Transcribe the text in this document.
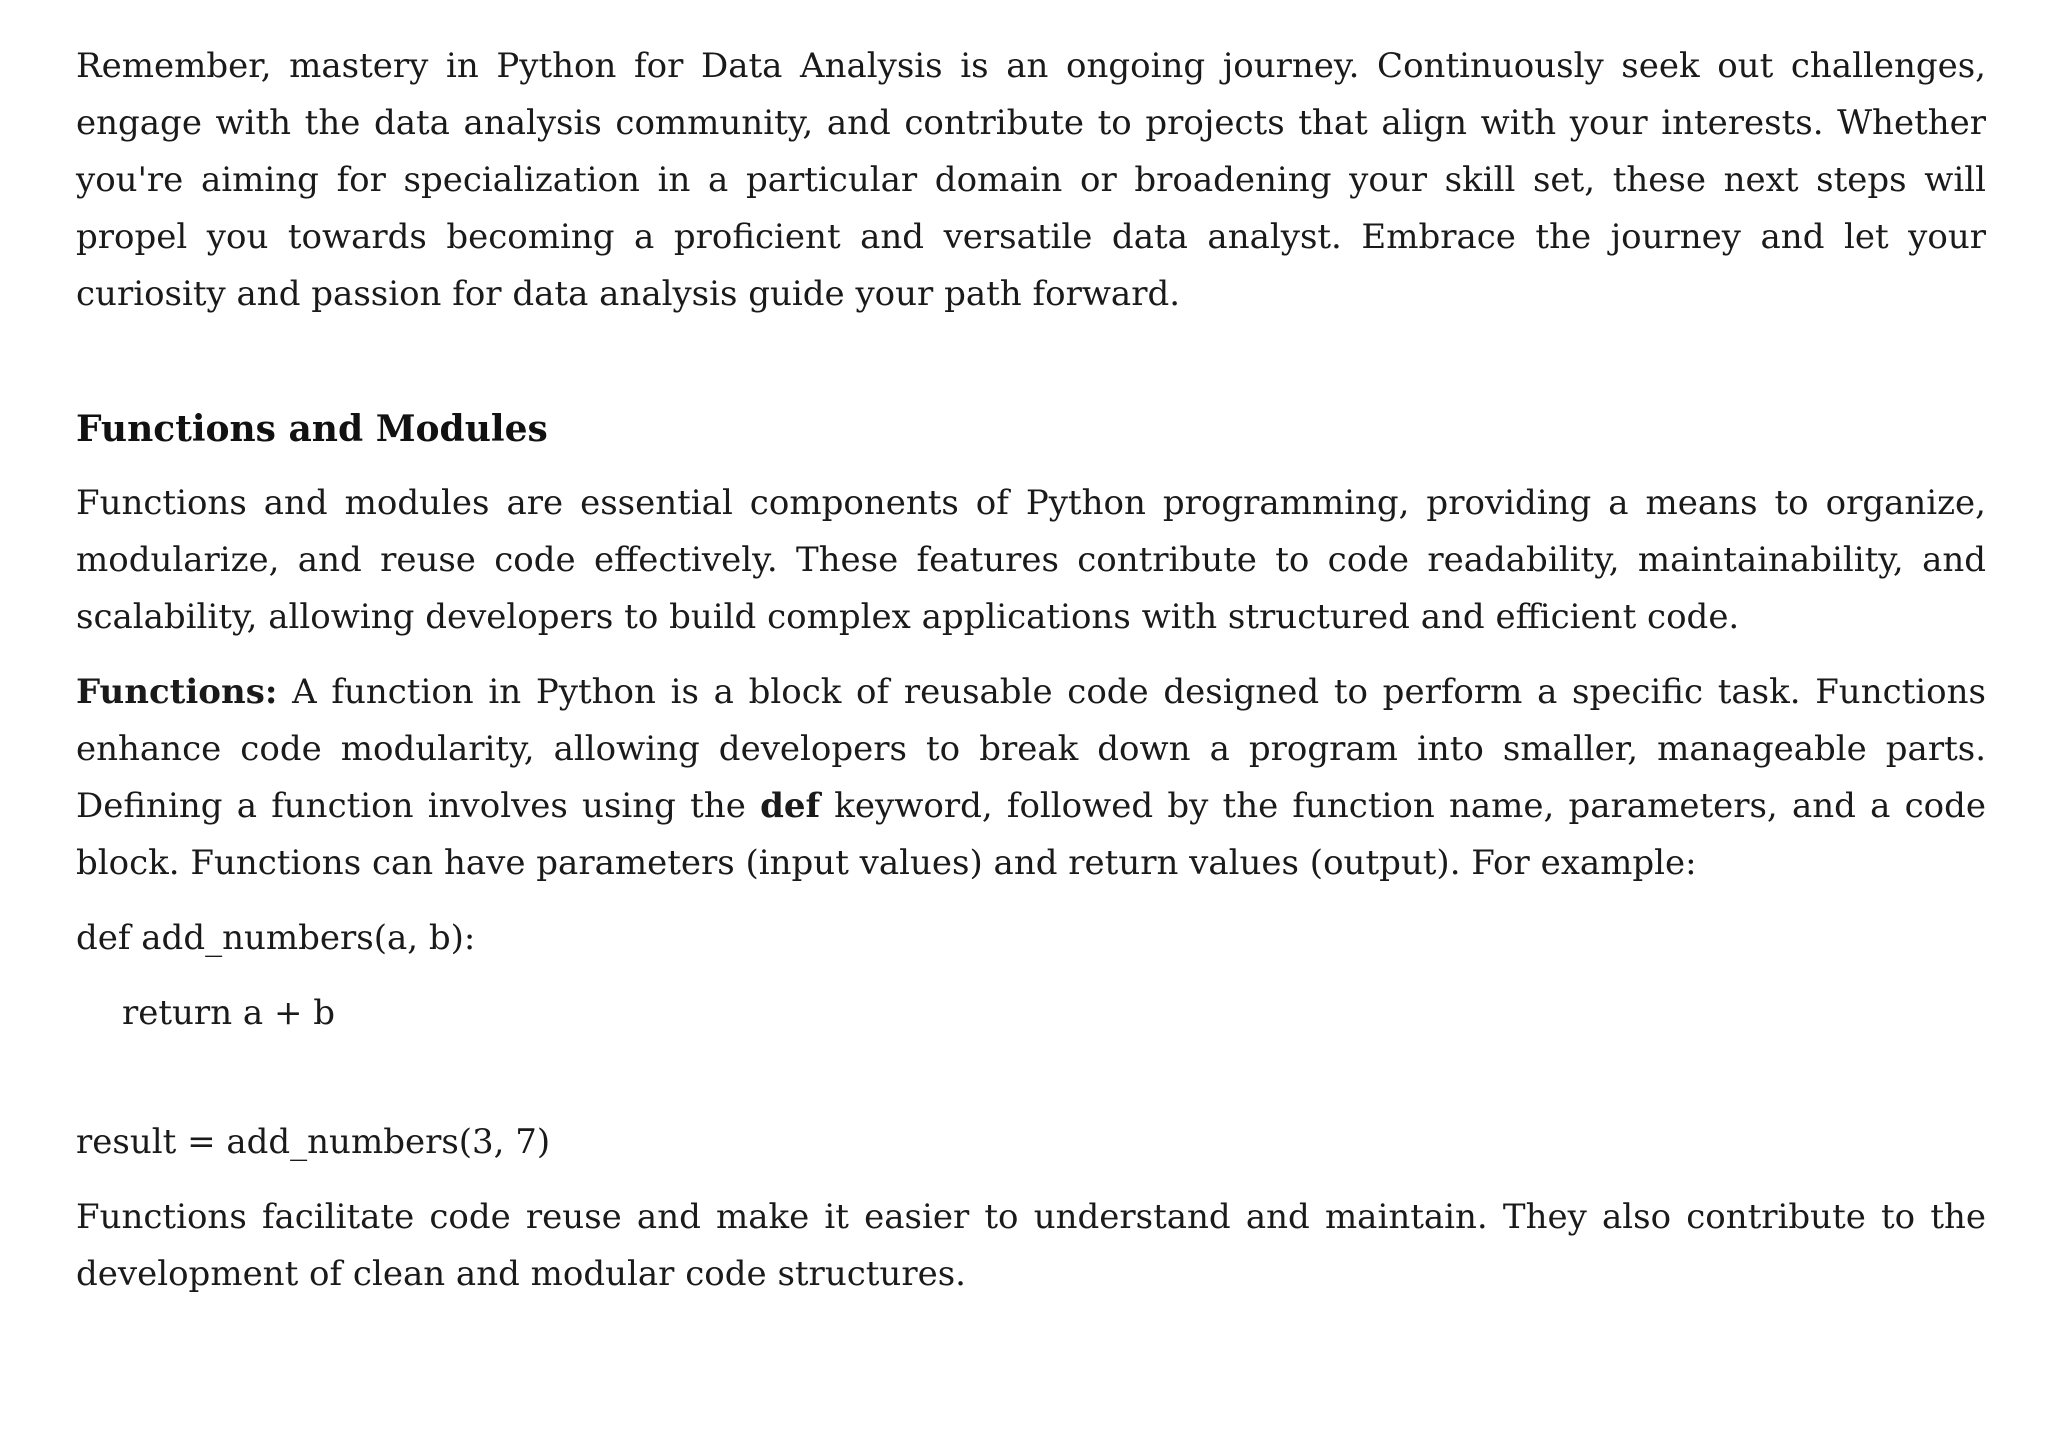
Remember, mastery in Python for Data Analysis is an ongoing journey. Continuously seek out challenges, engage with the data analysis community, and contribute to projects that align with your interests. Whether you're aiming for specialization in a particular domain or broadening your skill set, these next steps will propel you towards becoming a proficient and versatile data analyst. Embrace the journey and let your curiosity and passion for data analysis guide your path forward.

Functions and Modules

Functions and modules are essential components of Python programming, providing a means to organize, modularize, and reuse code effectively. These features contribute to code readability, maintainability, and scalability, allowing developers to build complex applications with structured and efficient code.

Functions: A function in Python is a block of reusable code designed to perform a specific task. Functions enhance code modularity, allowing developers to break down a program into smaller, manageable parts. Defining a function involves using the def keyword, followed by the function name, parameters, and a code block. Functions can have parameters (input values) and return values (output). For example:

def add_numbers(a, b):

return a + b

result = add_numbers(3, 7)

Functions facilitate code reuse and make it easier to understand and maintain. They also contribute to the development of clean and modular code structures.
